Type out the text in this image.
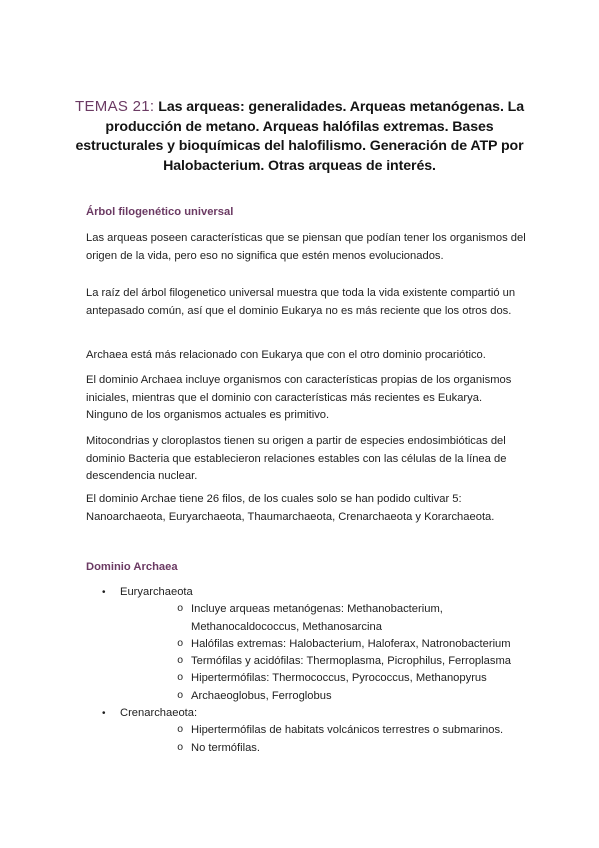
TEMAS 21: Las arqueas: generalidades. Arqueas metanógenas. La producción de metano. Arqueas halófilas extremas. Bases estructurales y bioquímicas del halofilismo. Generación de ATP por Halobacterium. Otras arqueas de interés.
Árbol filogenético universal

Las arqueas poseen características que se piensan que podían tener los organismos del origen de la vida, pero eso no significa que estén menos evolucionados.

La raíz del árbol filogenetico universal muestra que toda la vida existente compartió un antepasado común, así que el dominio Eukarya no es más reciente que los otros dos.

Archaea está más relacionado con Eukarya que con el otro dominio procariótico.

El dominio Archaea incluye organismos con características propias de los organismos iniciales, mientras que el dominio con características más recientes es Eukarya. Ninguno de los organismos actuales es primitivo.

Mitocondrias y cloroplastos tienen su origen a partir de especies endosimbióticas del dominio Bacteria que establecieron relaciones estables con las células de la línea de descendencia nuclear.

El dominio Archae tiene 26 filos, de los cuales solo se han podido cultivar 5: Nanoarchaeota, Euryarchaeota, Thaumarchaeota, Crenarchaeota y Korarchaeota.

Dominio Archaea
• Euryarchaeota
o Incluye arqueas metanógenas: Methanobacterium, Methanocaldococcus, Methanosarcina
o Halófilas extremas: Halobacterium, Haloferax, Natronobacterium
o Termófilas y acidófilas: Thermoplasma, Picrophilus, Ferroplasma
o Hipertermófilas: Thermococcus, Pyrococcus, Methanopyrus
o Archaeoglobus, Ferroglobus
• Crenarchaeota:
o Hipertermófilas de habitats volcánicos terrestres o submarinos.
o No termófilas.
